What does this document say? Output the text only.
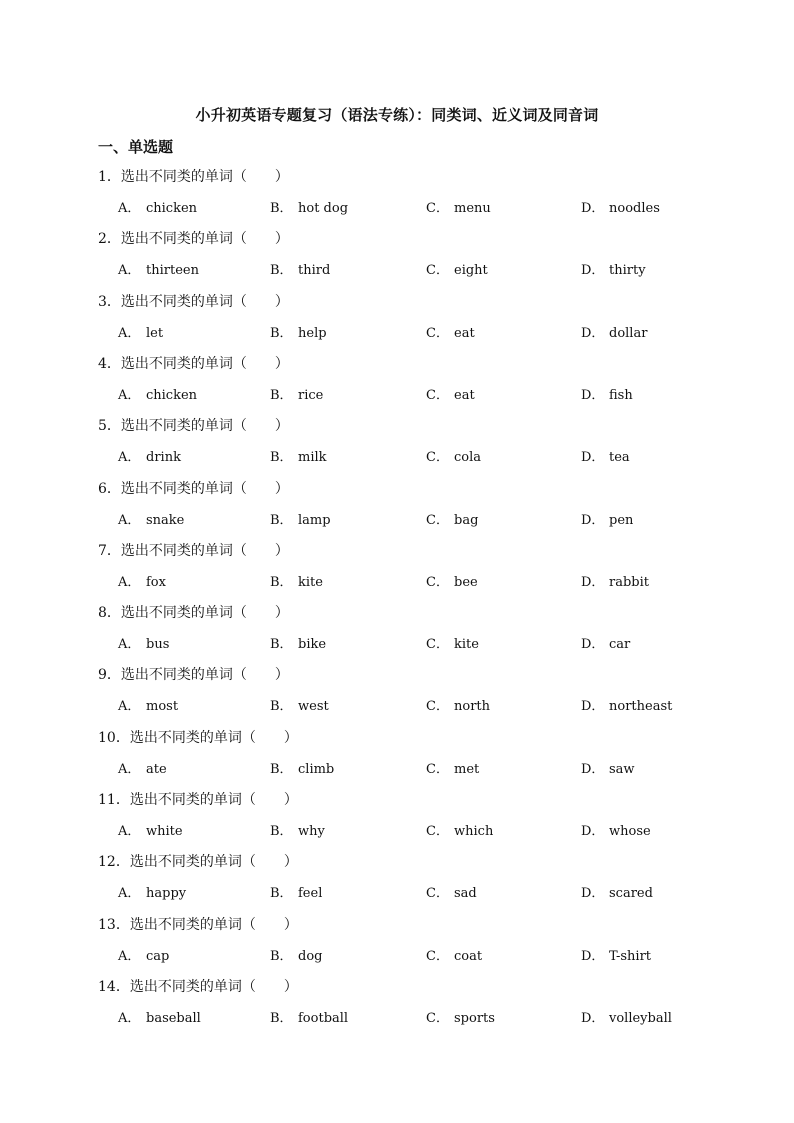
小升初英语专题复习（语法专练）：同类词、近义词及同音词
一、单选题
1．选出不同类的单词（　　）
A． chicken	B． hot dog	C． menu	D． noodles
2．选出不同类的单词（　　）
A． thirteen	B． third	C． eight	D． thirty
3．选出不同类的单词（　　）
A． let	B． help	C． eat	D． dollar
4．选出不同类的单词（　　）
A． chicken	B． rice	C． eat	D． fish
5．选出不同类的单词（　　）
A． drink	B． milk	C． cola	D． tea
6．选出不同类的单词（　　）
A． snake	B． lamp	C． bag	D． pen
7．选出不同类的单词（　　）
A． fox	B． kite	C． bee	D． rabbit
8．选出不同类的单词（　　）
A． bus	B． bike	C． kite	D． car
9．选出不同类的单词（　　）
A． most	B． west	C． north	D． northeast
10．选出不同类的单词（　　）
A． ate	B． climb	C． met	D． saw
11．选出不同类的单词（　　）
A． white	B． why	C． which	D． whose
12．选出不同类的单词（　　）
A． happy	B． feel	C． sad	D． scared
13．选出不同类的单词（　　）
A． cap	B． dog	C． coat	D． T-shirt
14．选出不同类的单词（　　）
A． baseball	B． football	C． sports	D． volleyball
